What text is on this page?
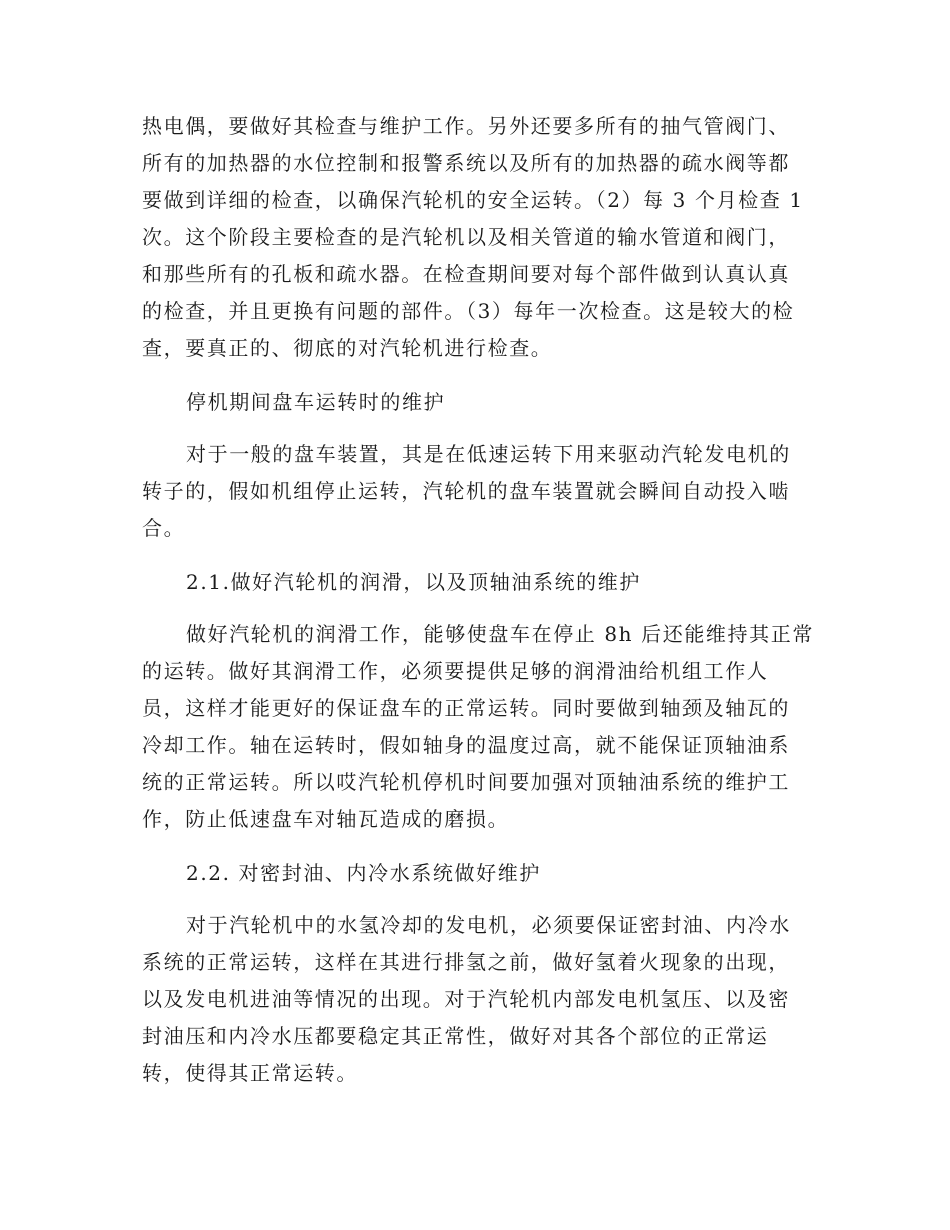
热电偶，要做好其检查与维护工作。另外还要多所有的抽气管阀门、
所有的加热器的水位控制和报警系统以及所有的加热器的疏水阀等都
要做到详细的检查，以确保汽轮机的安全运转。（2）每 3 个月检查 1
次。这个阶段主要检查的是汽轮机以及相关管道的输水管道和阀门，
和那些所有的孔板和疏水器。在检查期间要对每个部件做到认真认真
的检查，并且更换有问题的部件。（3）每年一次检查。这是较大的检
查，要真正的、彻底的对汽轮机进行检查。
停机期间盘车运转时的维护
对于一般的盘车装置，其是在低速运转下用来驱动汽轮发电机的
转子的，假如机组停止运转，汽轮机的盘车装置就会瞬间自动投入啮
合。
2.1.做好汽轮机的润滑，以及顶轴油系统的维护
做好汽轮机的润滑工作，能够使盘车在停止 8h 后还能维持其正常
的运转。做好其润滑工作，必须要提供足够的润滑油给机组工作人
员，这样才能更好的保证盘车的正常运转。同时要做到轴颈及轴瓦的
冷却工作。轴在运转时，假如轴身的温度过高，就不能保证顶轴油系
统的正常运转。所以哎汽轮机停机时间要加强对顶轴油系统的维护工
作，防止低速盘车对轴瓦造成的磨损。
2.2. 对密封油、内冷水系统做好维护
对于汽轮机中的水氢冷却的发电机，必须要保证密封油、内冷水
系统的正常运转，这样在其进行排氢之前，做好氢着火现象的出现，
以及发电机进油等情况的出现。对于汽轮机内部发电机氢压、以及密
封油压和内冷水压都要稳定其正常性，做好对其各个部位的正常运
转，使得其正常运转。
